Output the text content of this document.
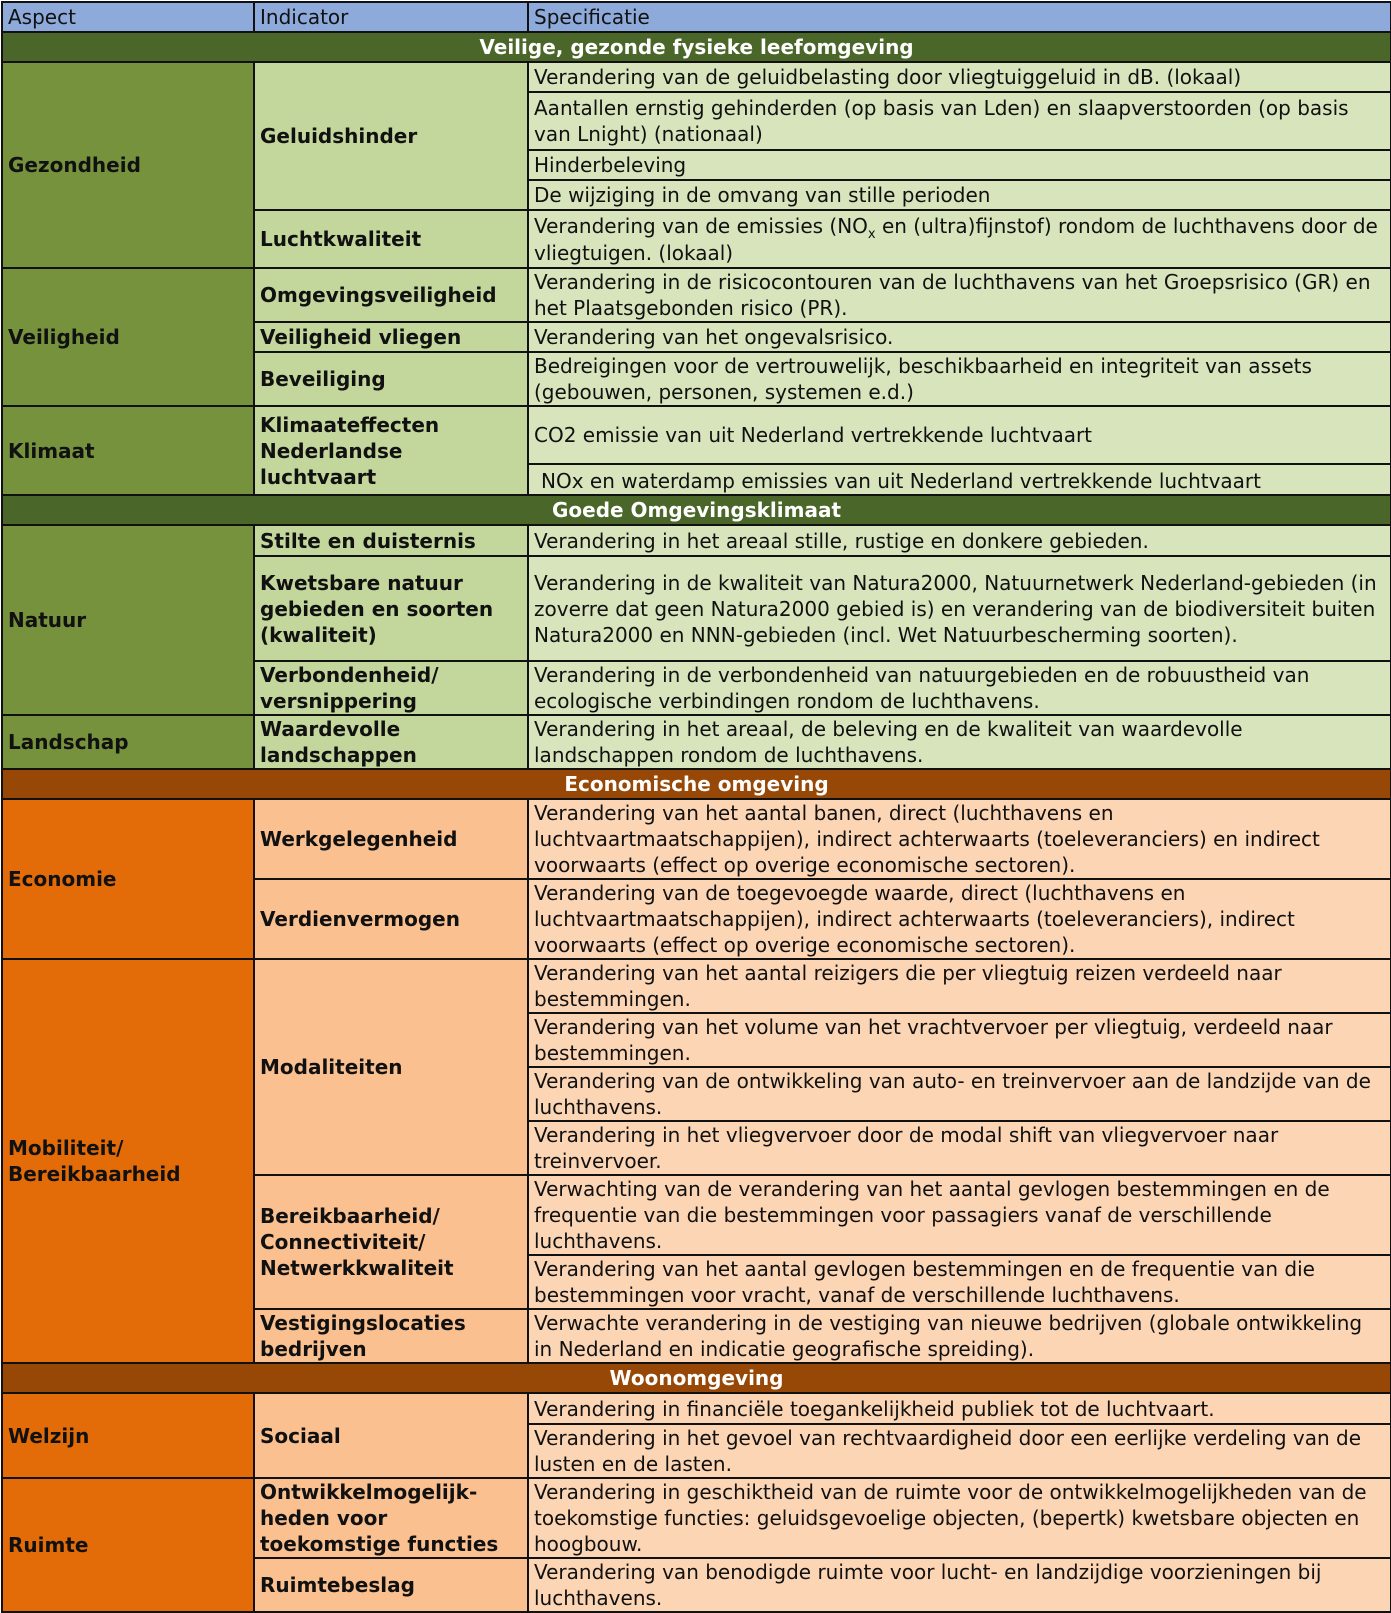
Aspect	Indicator	Specificatie
Veilige, gezonde fysieke leefomgeving		
Gezondheid	Geluidshinder	Verandering van de geluidbelasting door vliegtuiggeluid in dB. (lokaal)
		Aantallen ernstig gehinderden (op basis van Lden) en slaapverstoorden (op basis van Lnight) (nationaal)
		Hinderbeleving
		De wijziging in de omvang van stille perioden
	Luchtkwaliteit	Verandering van de emissies ($NO_x$ en (ultra)fijnstof) rondom de luchthavens door de vliegtuigen. (lokaal)
Veiligheid	Omgevingsveiligheid	Verandering in de risicocontouren van de luchthavens van het Groepsrisico (GR) en het Plaatsgebonden risico (PR).
	Veiligheid vliegen	Verandering van het ongevalsrisico.
	Beveiliging	Bedreigingen voor de vertrouwelijk, beschikbaarheid en integriteit van assets (gebouwen, personen, systemen e.d.)
Klimaat	Klimaateffecten Nederlandse luchtvaart	CO2 emissie van uit Nederland vertrekkende luchtvaart
		NOx en waterdamp emissies van uit Nederland vertrekkende luchtvaart
Goede Omgevingsklimaat		
Natuur	Stilte en duisternis	Verandering in het areaal stille, rustige en donkere gebieden.
	Kwetsbare natuur gebieden en soorten (kwaliteit)	Verandering in de kwaliteit van Natura2000, Natuurnetwerk Nederland-gebieden (in zoverre dat geen Natura2000 gebied is) en verandering van de biodiversiteit buiten Natura2000 en NNN-gebieden (incl. Wet Natuurbescherming soorten).
	Verbondenheid/ versnippering	Verandering in de verbondenheid van natuurgebieden en de robuustheid van ecologische verbindingen rondom de luchthavens.
Landschap	Waardevolle landschappen	Verandering in het areaal, de beleving en de kwaliteit van waardevolle landschappen rondom de luchthavens.
Economische omgeving		
Economie	Werkgelegenheid	Verandering van het aantal banen, direct (luchthavens en luchtvaartmaatschappijen), indirect achterwaarts (toeleveranciers) en indirect voorwaarts (effect op overige economische sectoren).
	Verdienvermogen	Verandering van de toegevoegde waarde, direct (luchthavens en luchtvaartmaatschappijen), indirect achterwaarts (toeleveranciers), indirect voorwaarts (effect op overige economische sectoren).
Mobiliteit/ Bereikbaarheid	Modaliteiten	Verandering van het aantal reizigers die per vliegtuig reizen verdeeld naar bestemmingen.
		Verandering van het volume van het vrachtvervoer per vliegtuig, verdeeld naar bestemmingen.
		Verandering van de ontwikkeling van auto- en treinvervoer aan de landzijde van de luchthavens.
		Verandering in het vliegvervoer door de modal shift van vliegvervoer naar treinvervoer.
	Bereikbaarheid/ Connectiviteit/ Netwerkkwaliteit	Verwachting van de verandering van het aantal gevlogen bestemmingen en de frequentie van die bestemmingen voor passagiers vanaf de verschillende luchthavens.
		Verandering van het aantal gevlogen bestemmingen en de frequentie van die bestemmingen voor vracht, vanaf de verschillende luchthavens.
	Vestigingslocaties bedrijven	Verwachte verandering in de vestiging van nieuwe bedrijven (globale ontwikkeling in Nederland en indicatie geografische spreiding).
Woonomgeving		
Welzijn	Sociaal	Verandering in financiële toegankelijkheid publiek tot de luchtvaart.
		Verandering in het gevoel van rechtvaardigheid door een eerlijke verdeling van de lusten en de lasten.
Ruimte	Ontwikkelmogelijk-heden voor toekomstige functies	Verandering in geschiktheid van de ruimte voor de ontwikkelmogelijkheden van de toekomstige functies: geluidsgevoelige objecten, (bepertk) kwetsbare objecten en hoogbouw.
	Ruimtebeslag	Verandering van benodigde ruimte voor lucht- en landzijdige voorzieningen bij luchthavens.
